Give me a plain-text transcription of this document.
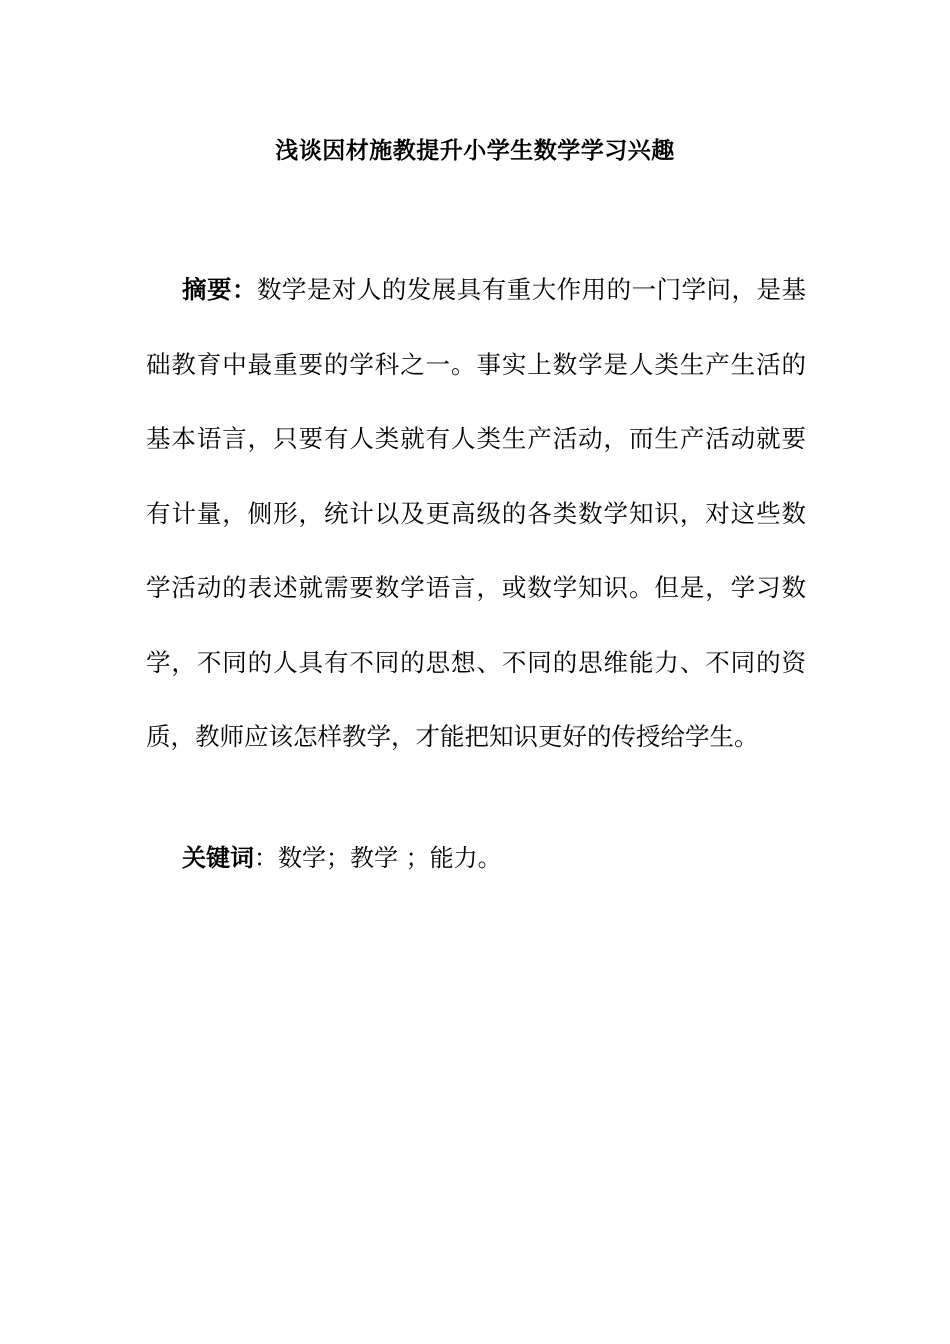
浅谈因材施教提升小学生数学学习兴趣

摘要：数学是对人的发展具有重大作用的一门学问，是基础教育中最重要的学科之一。事实上数学是人类生产生活的基本语言，只要有人类就有人类生产活动，而生产活动就要有计量，侧形，统计以及更高级的各类数学知识，对这些数学活动的表述就需要数学语言，或数学知识。但是，学习数学，不同的人具有不同的思想、不同的思维能力、不同的资质，教师应该怎样教学，才能把知识更好的传授给学生。

关键词：数学；教学 ；能力。
